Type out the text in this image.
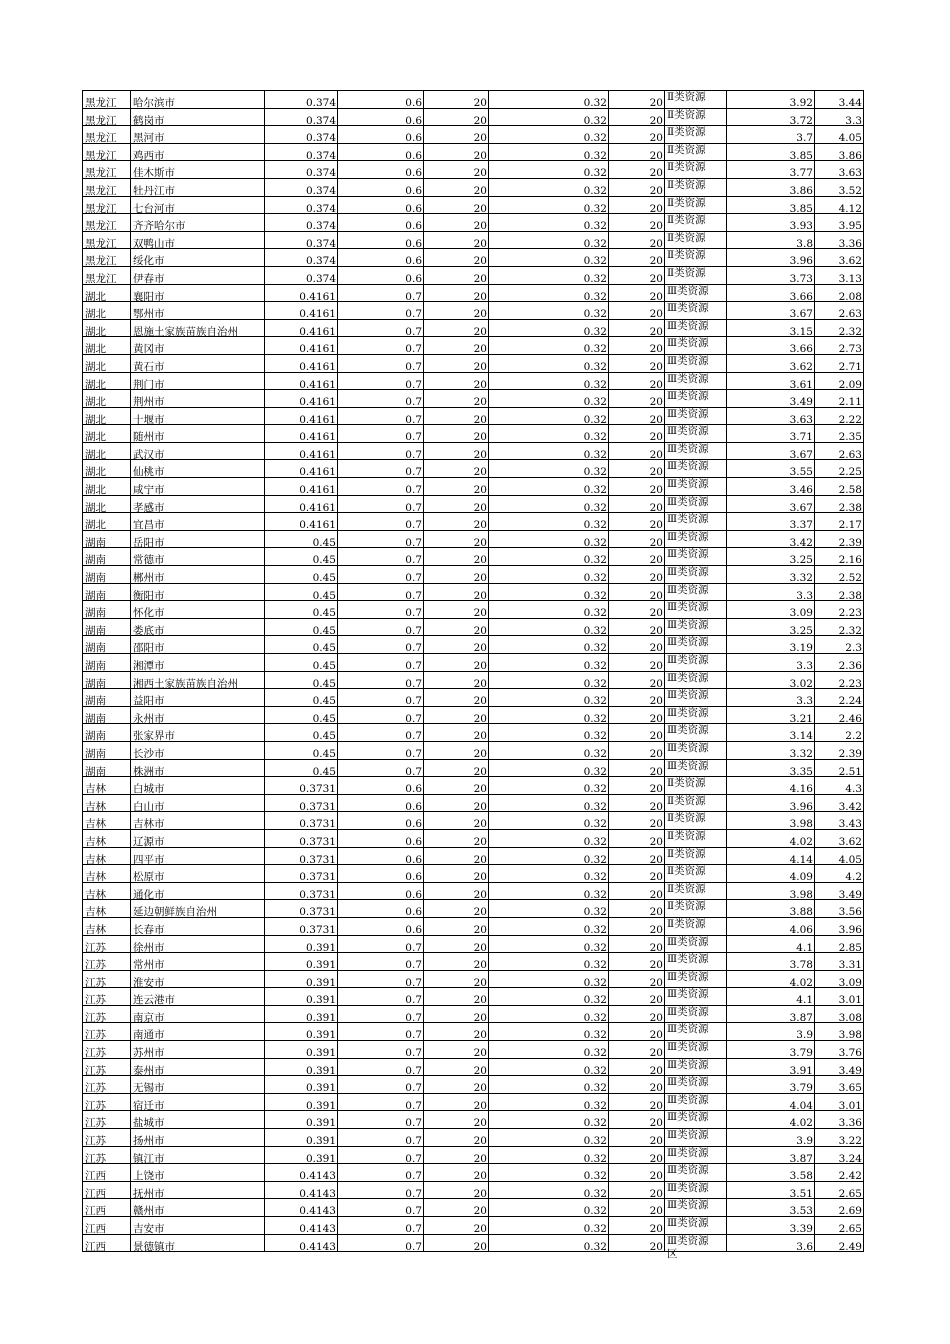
黑龙江	哈尔滨市	0.374	0.6	20	0.32	20 Ⅱ类资源	3.92	3.44
黑龙江	鹤岗市	0.374	0.6	20	0.32	20 Ⅱ类资源	3.72	3.3
黑龙江	黑河市	0.374	0.6	20	0.32	20 Ⅱ类资源	3.7	4.05
黑龙江	鸡西市	0.374	0.6	20	0.32	20 Ⅱ类资源	3.85	3.86
黑龙江	佳木斯市	0.374	0.6	20	0.32	20 Ⅱ类资源	3.77	3.63
黑龙江	牡丹江市	0.374	0.6	20	0.32	20 Ⅱ类资源	3.86	3.52
黑龙江	七台河市	0.374	0.6	20	0.32	20 Ⅱ类资源	3.85	4.12
黑龙江	齐齐哈尔市	0.374	0.6	20	0.32	20 Ⅱ类资源	3.93	3.95
黑龙江	双鸭山市	0.374	0.6	20	0.32	20 Ⅱ类资源	3.8	3.36
黑龙江	绥化市	0.374	0.6	20	0.32	20 Ⅱ类资源	3.96	3.62
黑龙江	伊春市	0.374	0.6	20	0.32	20 Ⅱ类资源	3.73	3.13
湖北	襄阳市	0.4161	0.7	20	0.32	20 Ⅲ类资源	3.66	2.08
湖北	鄂州市	0.4161	0.7	20	0.32	20 Ⅲ类资源	3.67	2.63
湖北	恩施土家族苗族自治州	0.4161	0.7	20	0.32	20 Ⅲ类资源	3.15	2.32
湖北	黄冈市	0.4161	0.7	20	0.32	20 Ⅲ类资源	3.66	2.73
湖北	黄石市	0.4161	0.7	20	0.32	20 Ⅲ类资源	3.62	2.71
湖北	荆门市	0.4161	0.7	20	0.32	20 Ⅲ类资源	3.61	2.09
湖北	荆州市	0.4161	0.7	20	0.32	20 Ⅲ类资源	3.49	2.11
湖北	十堰市	0.4161	0.7	20	0.32	20 Ⅲ类资源	3.63	2.22
湖北	随州市	0.4161	0.7	20	0.32	20 Ⅲ类资源	3.71	2.35
湖北	武汉市	0.4161	0.7	20	0.32	20 Ⅲ类资源	3.67	2.63
湖北	仙桃市	0.4161	0.7	20	0.32	20 Ⅲ类资源	3.55	2.25
湖北	咸宁市	0.4161	0.7	20	0.32	20 Ⅲ类资源	3.46	2.58
湖北	孝感市	0.4161	0.7	20	0.32	20 Ⅲ类资源	3.67	2.38
湖北	宜昌市	0.4161	0.7	20	0.32	20 Ⅲ类资源	3.37	2.17
湖南	岳阳市	0.45	0.7	20	0.32	20 Ⅲ类资源	3.42	2.39
湖南	常德市	0.45	0.7	20	0.32	20 Ⅲ类资源	3.25	2.16
湖南	郴州市	0.45	0.7	20	0.32	20 Ⅲ类资源	3.32	2.52
湖南	衡阳市	0.45	0.7	20	0.32	20 Ⅲ类资源	3.3	2.38
湖南	怀化市	0.45	0.7	20	0.32	20 Ⅲ类资源	3.09	2.23
湖南	娄底市	0.45	0.7	20	0.32	20 Ⅲ类资源	3.25	2.32
湖南	邵阳市	0.45	0.7	20	0.32	20 Ⅲ类资源	3.19	2.3
湖南	湘潭市	0.45	0.7	20	0.32	20 Ⅲ类资源	3.3	2.36
湖南	湘西土家族苗族自治州	0.45	0.7	20	0.32	20 Ⅲ类资源	3.02	2.23
湖南	益阳市	0.45	0.7	20	0.32	20 Ⅲ类资源	3.3	2.24
湖南	永州市	0.45	0.7	20	0.32	20 Ⅲ类资源	3.21	2.46
湖南	张家界市	0.45	0.7	20	0.32	20 Ⅲ类资源	3.14	2.2
湖南	长沙市	0.45	0.7	20	0.32	20 Ⅲ类资源	3.32	2.39
湖南	株洲市	0.45	0.7	20	0.32	20 Ⅲ类资源	3.35	2.51
吉林	白城市	0.3731	0.6	20	0.32	20 Ⅱ类资源	4.16	4.3
吉林	白山市	0.3731	0.6	20	0.32	20 Ⅱ类资源	3.96	3.42
吉林	吉林市	0.3731	0.6	20	0.32	20 Ⅱ类资源	3.98	3.43
吉林	辽源市	0.3731	0.6	20	0.32	20 Ⅱ类资源	4.02	3.62
吉林	四平市	0.3731	0.6	20	0.32	20 Ⅱ类资源	4.14	4.05
吉林	松原市	0.3731	0.6	20	0.32	20 Ⅱ类资源	4.09	4.2
吉林	通化市	0.3731	0.6	20	0.32	20 Ⅱ类资源	3.98	3.49
吉林	延边朝鲜族自治州	0.3731	0.6	20	0.32	20 Ⅱ类资源	3.88	3.56
吉林	长春市	0.3731	0.6	20	0.32	20 Ⅱ类资源	4.06	3.96
江苏	徐州市	0.391	0.7	20	0.32	20 Ⅲ类资源	4.1	2.85
江苏	常州市	0.391	0.7	20	0.32	20 Ⅲ类资源	3.78	3.31
江苏	淮安市	0.391	0.7	20	0.32	20 Ⅲ类资源	4.02	3.09
江苏	连云港市	0.391	0.7	20	0.32	20 Ⅲ类资源	4.1	3.01
江苏	南京市	0.391	0.7	20	0.32	20 Ⅲ类资源	3.87	3.08
江苏	南通市	0.391	0.7	20	0.32	20 Ⅲ类资源	3.9	3.98
江苏	苏州市	0.391	0.7	20	0.32	20 Ⅲ类资源	3.79	3.76
江苏	泰州市	0.391	0.7	20	0.32	20 Ⅲ类资源	3.91	3.49
江苏	无锡市	0.391	0.7	20	0.32	20 Ⅲ类资源	3.79	3.65
江苏	宿迁市	0.391	0.7	20	0.32	20 Ⅲ类资源	4.04	3.01
江苏	盐城市	0.391	0.7	20	0.32	20 Ⅲ类资源	4.02	3.36
江苏	扬州市	0.391	0.7	20	0.32	20 Ⅲ类资源	3.9	3.22
江苏	镇江市	0.391	0.7	20	0.32	20 Ⅲ类资源	3.87	3.24
江西	上饶市	0.4143	0.7	20	0.32	20 Ⅲ类资源	3.58	2.42
江西	抚州市	0.4143	0.7	20	0.32	20 Ⅲ类资源	3.51	2.65
江西	赣州市	0.4143	0.7	20	0.32	20 Ⅲ类资源	3.53	2.69
江西	吉安市	0.4143	0.7	20	0.32	20 Ⅲ类资源	3.39	2.65
江西	景德镇市	0.4143	0.7	20	0.32	20 Ⅲ类资源	3.6	2.49
区
